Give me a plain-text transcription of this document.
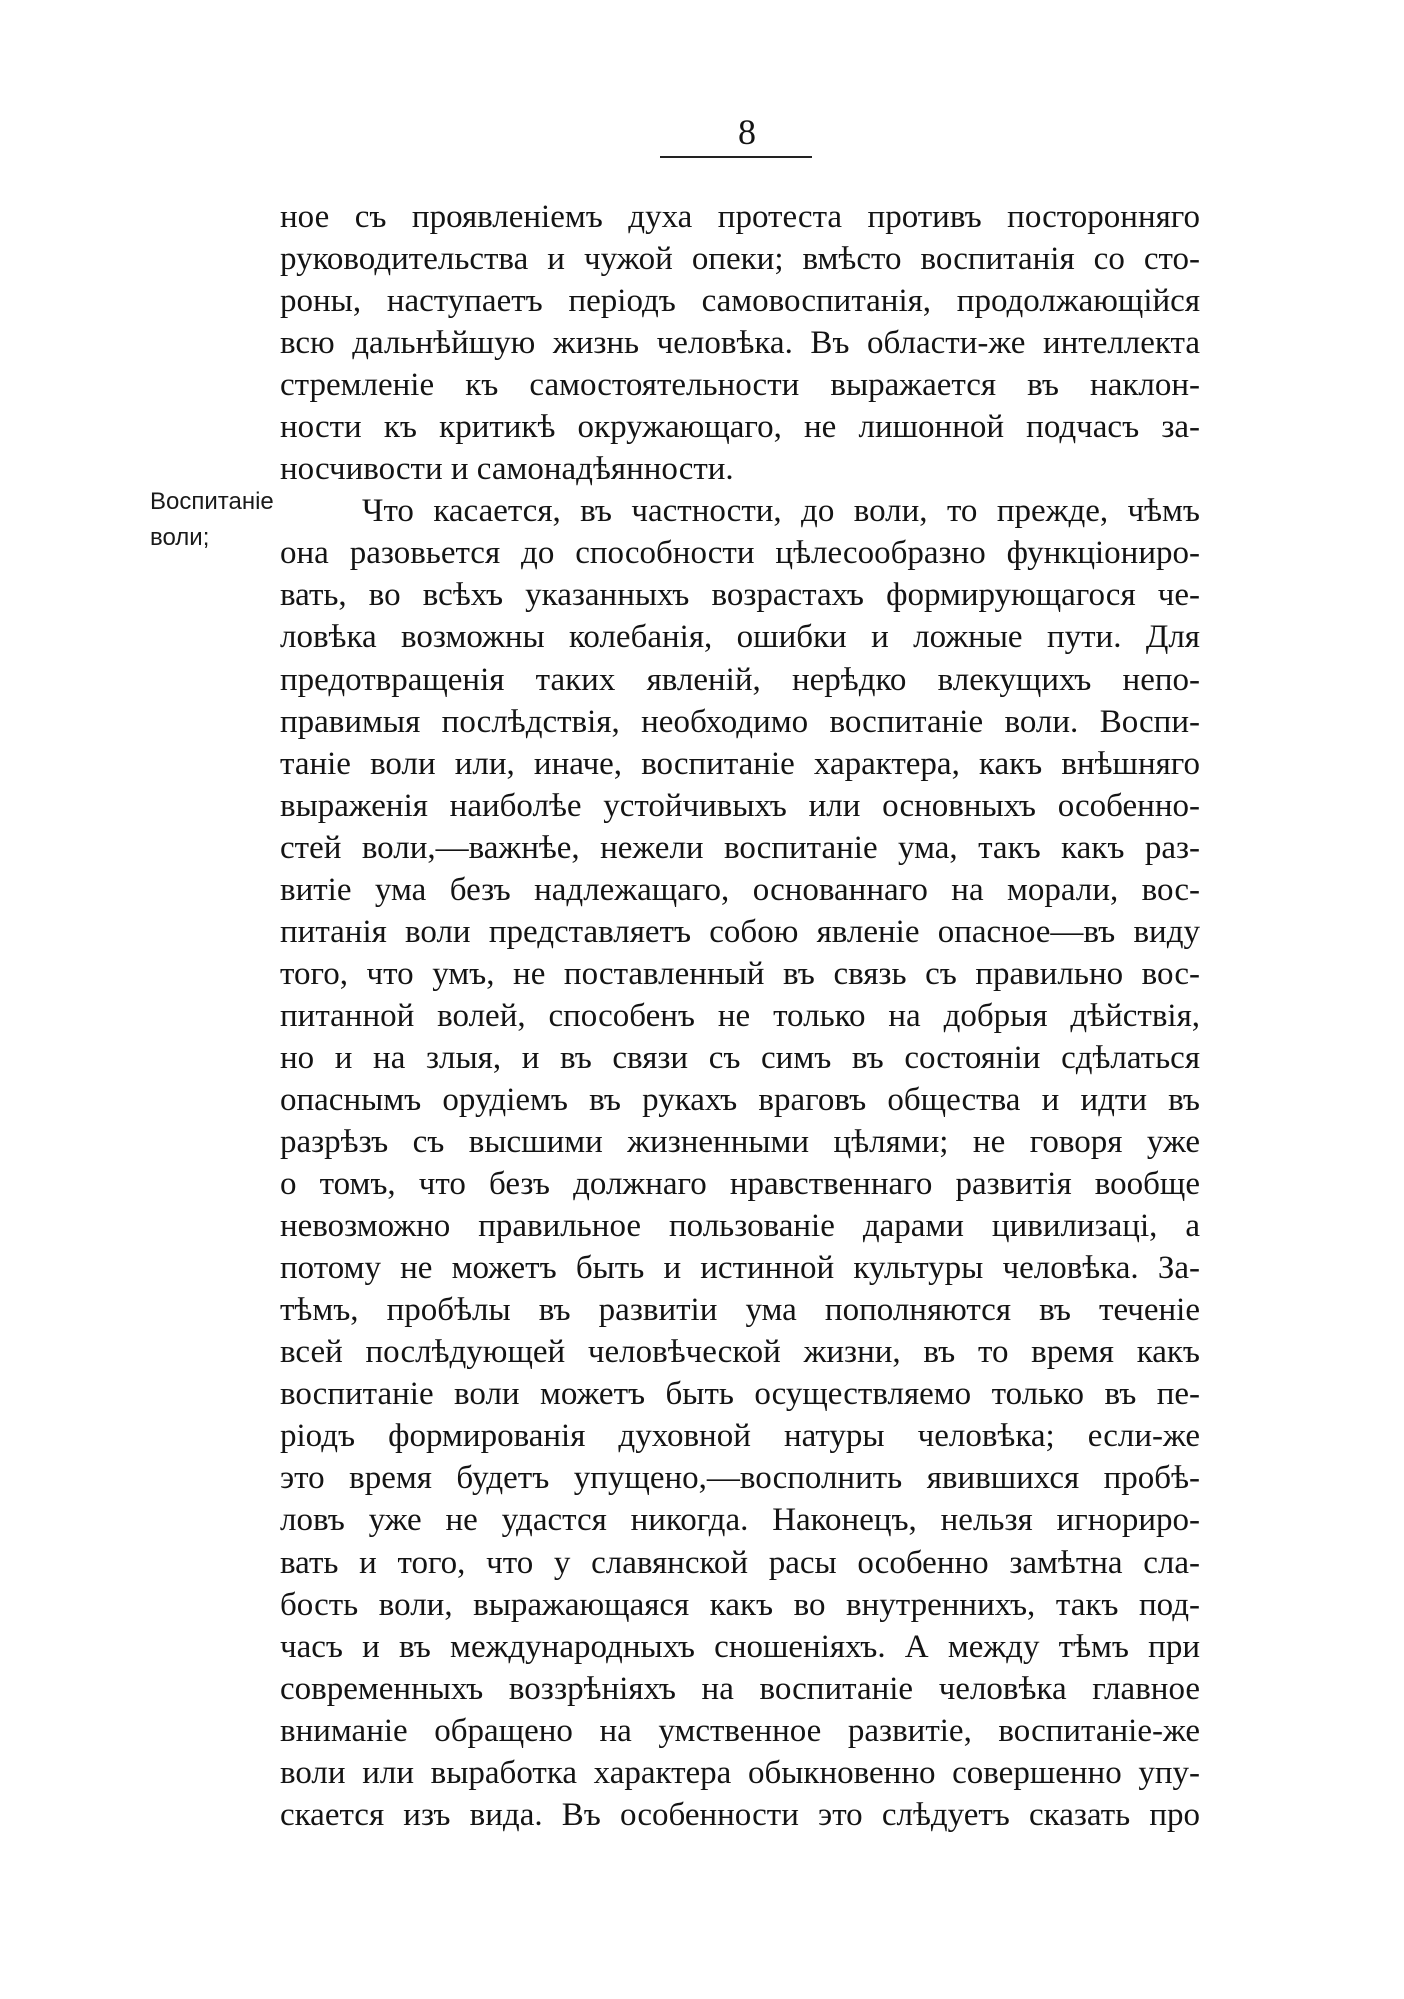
8
Воспитанiе
воли;
ное съ проявленiемъ духа протеста противъ посторонняго
руководительства и чужой опеки; вмѣсто воспитанiя со сто-
роны, наступаетъ перiодъ самовоспитанiя, продолжающiйся
всю дальнѣйшую жизнь человѣка. Въ области-же интеллекта
стремленiе къ самостоятельности выражается въ наклон-
ности къ критикѣ окружающаго, не лишонной подчасъ за-
носчивости и самонадѣянности.
Что касается, въ частности, до воли, то прежде, чѣмъ
она разовьется до способности цѣлесообразно функцiониро-
вать, во всѣхъ указанныхъ возрастахъ формирующагося че-
ловѣка возможны колебанiя, ошибки и ложные пути. Для
предотвращенiя таких явленiй, нерѣдко влекущихъ непо-
правимыя послѣдствiя, необходимо воспитанiе воли. Воспи-
танiе воли или, иначе, воспитанiе характера, какъ внѣшняго
выраженiя наиболѣе устойчивыхъ или основныхъ особенно-
стей воли,—важнѣе, нежели воспитанiе ума, такъ какъ раз-
витiе ума безъ надлежащаго, основаннаго на морали, вос-
питанiя воли представляетъ собою явленiе опасное—въ виду
того, что умъ, не поставленный въ связь съ правильно вос-
питанной волей, способенъ не только на добрыя дѣйствiя,
но и на злыя, и въ связи съ симъ въ состоянiи сдѣлаться
опаснымъ орудiемъ въ рукахъ враговъ общества и идти въ
разрѣзъ съ высшими жизненными цѣлями; не говоря уже
о томъ, что безъ должнаго нравственнаго развитiя вообще
невозможно правильное пользованiе дарами цивилизацi, а
потому не можетъ быть и истинной культуры человѣка. За-
тѣмъ, пробѣлы въ развитiи ума пополняются въ теченiе
всей послѣдующей человѣческой жизни, въ то время какъ
воспитанiе воли можетъ быть осуществляемо только въ пе-
рiодъ формированiя духовной натуры человѣка; если-же
это время будетъ упущено,—восполнить явившихся пробѣ-
ловъ уже не удастся никогда. Наконецъ, нельзя игнориро-
вать и того, что у славянской расы особенно замѣтна сла-
бость воли, выражающаяся какъ во внутреннихъ, такъ под-
часъ и въ международныхъ сношенiяхъ. А между тѣмъ при
современныхъ воззрѣнiяхъ на воспитанiе человѣка главное
вниманiе обращено на умственное развитiе, воспитанiе-же
воли или выработка характера обыкновенно совершенно упу-
скается изъ вида. Въ особенности это слѣдуетъ сказать про
